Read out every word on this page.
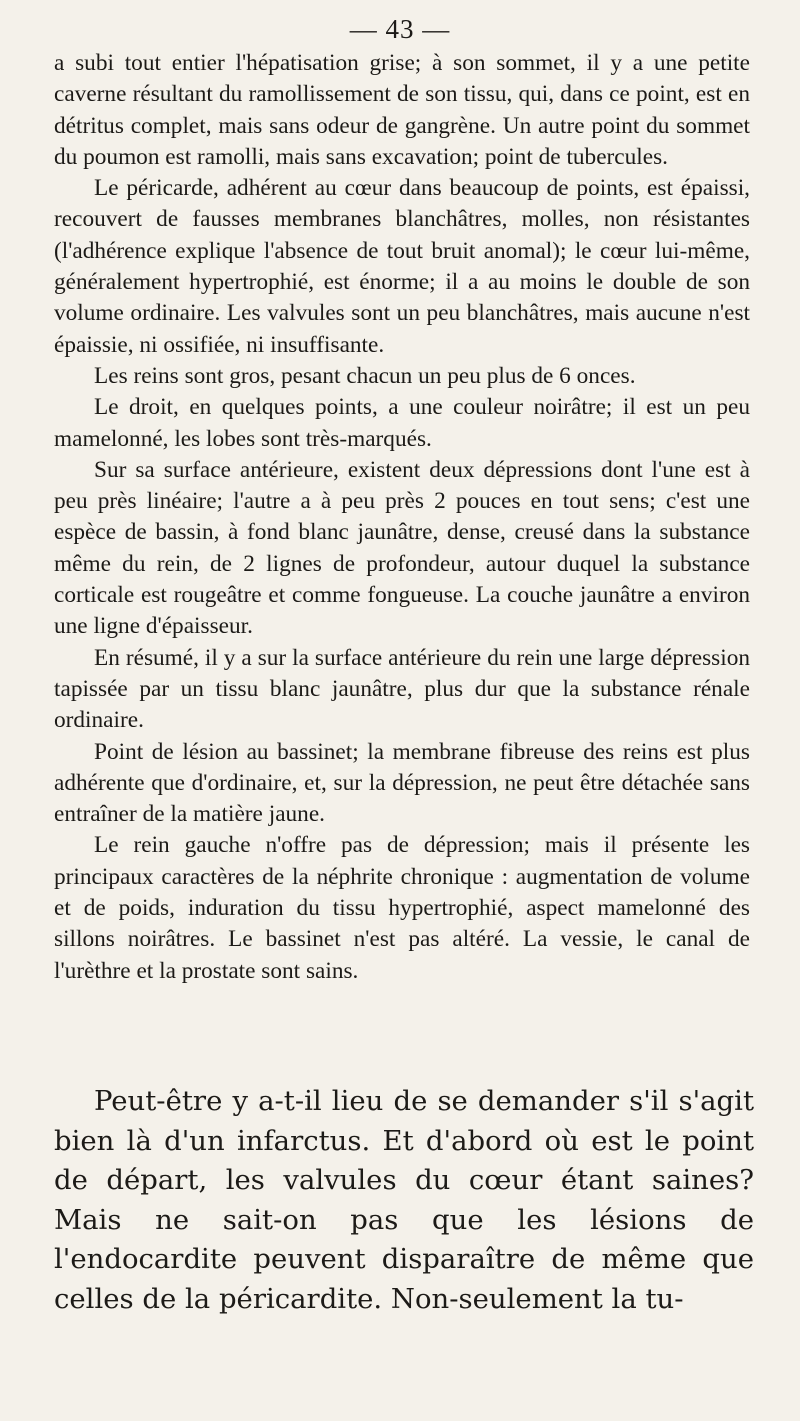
— 43 —

a subi tout entier l'hépatisation grise; à son sommet, il y a une petite caverne résultant du ramollissement de son tissu, qui, dans ce point, est en détritus complet, mais sans odeur de gangrène. Un autre point du sommet du poumon est ramolli, mais sans excavation; point de tubercules.

Le péricarde, adhérent au cœur dans beaucoup de points, est épaissi, recouvert de fausses membranes blanchâtres, molles, non résistantes (l'adhérence explique l'absence de tout bruit anomal); le cœur lui-même, généralement hypertrophié, est énorme; il a au moins le double de son volume ordinaire. Les valvules sont un peu blanchâtres, mais aucune n'est épaissie, ni ossifiée, ni insuffisante.

Les reins sont gros, pesant chacun un peu plus de 6 onces.

Le droit, en quelques points, a une couleur noirâtre; il est un peu mamelonné, les lobes sont très-marqués.

Sur sa surface antérieure, existent deux dépressions dont l'une est à peu près linéaire; l'autre a à peu près 2 pouces en tout sens; c'est une espèce de bassin, à fond blanc jaunâtre, dense, creusé dans la substance même du rein, de 2 lignes de profondeur, autour duquel la substance corticale est rougeâtre et comme fongueuse. La couche jaunâtre a environ une ligne d'épaisseur.

En résumé, il y a sur la surface antérieure du rein une large dépression tapissée par un tissu blanc jaunâtre, plus dur que la substance rénale ordinaire.

Point de lésion au bassinet; la membrane fibreuse des reins est plus adhérente que d'ordinaire, et, sur la dépression, ne peut être détachée sans entraîner de la matière jaune.

Le rein gauche n'offre pas de dépression; mais il présente les principaux caractères de la néphrite chronique : augmentation de volume et de poids, induration du tissu hypertrophié, aspect mamelonné des sillons noirâtres. Le bassinet n'est pas altéré. La vessie, le canal de l'urèthre et la prostate sont sains.

Peut-être y a-t-il lieu de se demander s'il s'agit bien là d'un infarctus. Et d'abord où est le point de départ, les valvules du cœur étant saines? Mais ne sait-on pas que les lésions de l'endocardite peuvent disparaître de même que celles de la péricardite. Non-seulement la tu-
